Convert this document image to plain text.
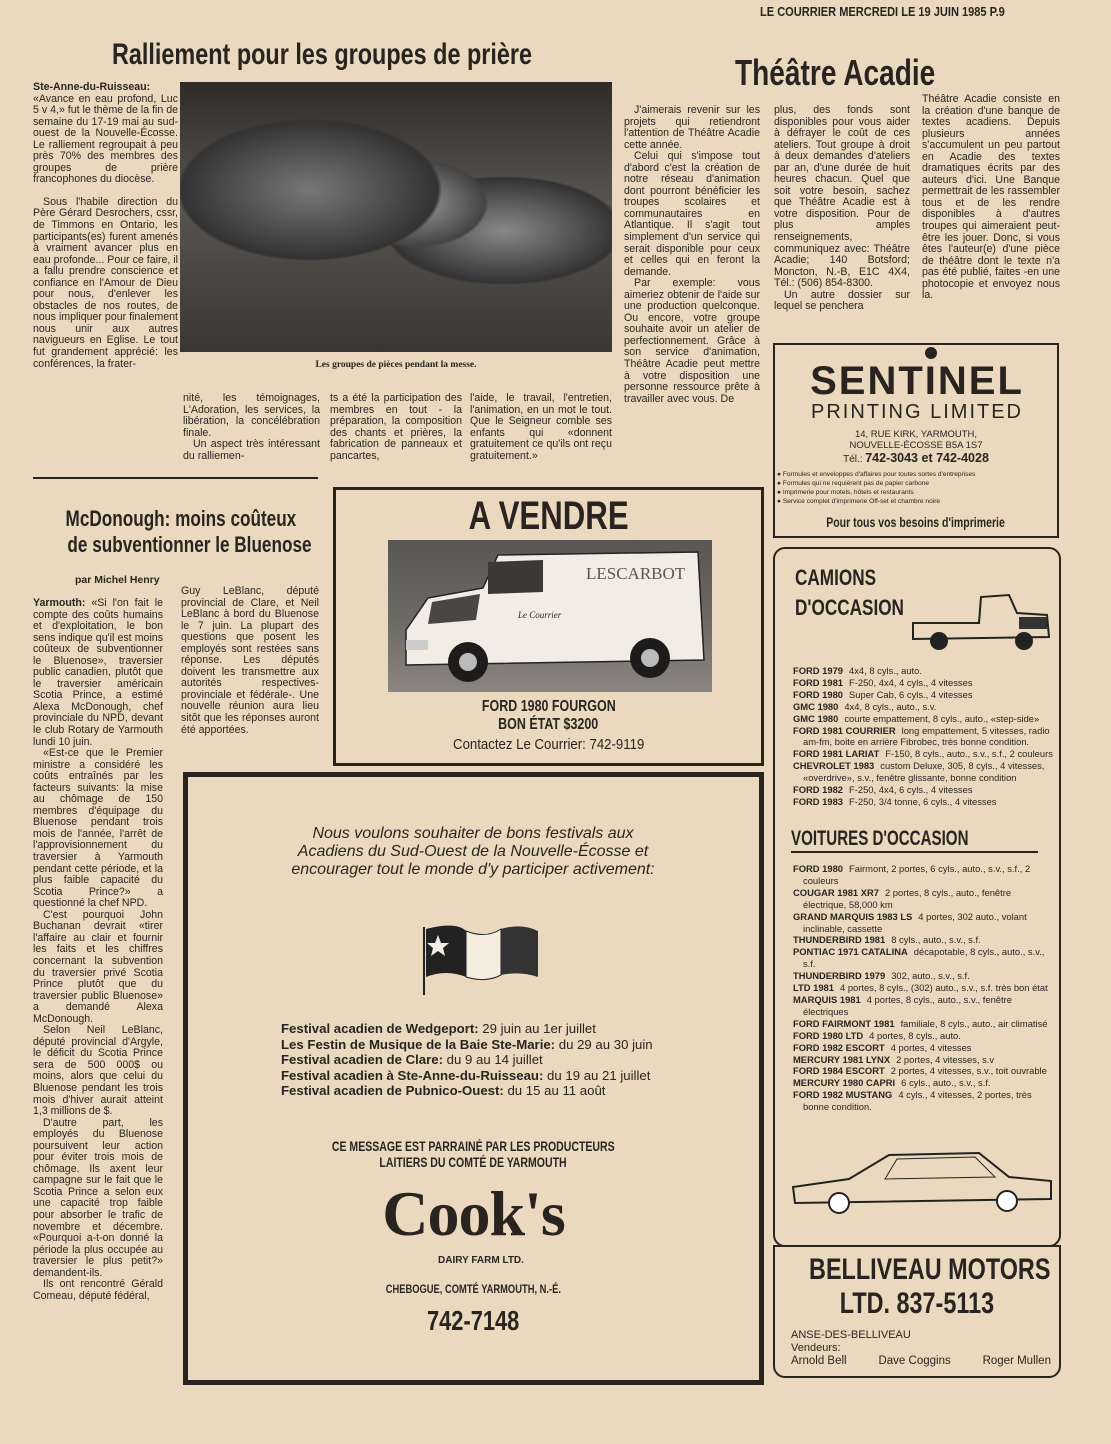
LE COURRIER MERCREDI LE 19 JUIN 1985 P.9
Ralliement pour les groupes de prière

Ste-Anne-du-Ruisseau:
«Avance en eau profond, Luc 5 v 4,» fut le thème de la fin de semaine du 17-19 mai au sud-ouest de la Nouvelle-Écosse. Le ralliement regroupait à peu près 70% des membres des groupes de prière francophones du diocèse.

Sous l'habile direction du Père Gérard Desrochers, cssr, de Timmons en Ontario, les participants(es) furent amenés à vraiment avancer plus en eau profonde... Pour ce faire, il a fallu prendre conscience et confiance en l'Amour de Dieu pour nous, d'enlever les obstacles de nos routes, de nous impliquer pour finalement nous unir aux autres navigueurs en Eglise. Le tout fut grandement apprécié: les conférences, la frater-	Les groupes de pièces pendant la messe.

nité, les témoignages, L'Adoration, les services, la libération, la concélébration finale.

Un aspect très intéressant du ralliemen-

ts a été la participation des membres en tout - la préparation, la composition des chants et prières, la fabrication de panneaux et pancartes,

l'aide, le travail, l'entretien, l'animation, en un mot le tout. Que le Seigneur comble ses enfants qui «donnent gratuitement ce qu'ils ont reçu gratuitement.»

Théâtre Acadie

J'aimerais revenir sur les projets qui retiendront l'attention de Théâtre Acadie cette année.

Celui qui s'impose tout d'abord c'est la création de notre réseau d'animation dont pourront bénéficier les troupes scolaires et communautaires en Atlantique. Il s'agit tout simplement d'un service qui serait disponible pour ceux et celles qui en feront la demande.

Par exemple: vous aimeriez obtenir de l'aide sur une production quelconque. Ou encore, votre groupe souhaite avoir un atelier de perfectionnement. Grâce à son service d'animation, Théâtre Acadie peut mettre à votre disposition une personne ressource prête à travailler avec vous. De

plus, des fonds sont disponibles pour vous aider à défrayer le coût de ces ateliers. Tout groupe à droit à deux demandes d'ateliers par an, d'une durée de huit heures chacun. Quel que soit votre besoin, sachez que Théâtre Acadie est à votre disposition. Pour de plus amples renseignements, communiquez avec: Théâtre Acadie; 140 Botsford; Moncton, N.-B, E1C 4X4, Tél.: (506) 854-8300.

Un autre dossier sur lequel se penchera

Théâtre Acadie consiste en la création d'une banque de textes acadiens. Depuis plusieurs années s'accumulent un peu partout en Acadie des textes dramatiques écrits par des auteurs d'ici. Une Banque permettrait de les rassembler tous et de les rendre disponibles à d'autres troupes qui aimeraient peut-être les jouer. Donc, si vous êtes l'auteur(e) d'une pièce de théâtre dont le texte n'a pas été publié, faites -en une photocopie et envoyez nous la.

SENTINEL
PRINTING LIMITED
14, RUE KIRK, YARMOUTH,
NOUVELLE-ÉCOSSE B5A 1S7
Tél.: 742-3043 et 742-4028
● Formules et enveloppes d'affaires pour toutes sortes d'entreprises
● Formules qui ne requièrent pas de papier carbone
● Imprimerie pour motels, hôtels et restaurants
● Service complet d'imprimerie Off-set et chambre noire
Pour tous vos besoins d'imprimerie
McDonough: moins coûteux
de subventionner le Bluenose
par Michel Henry

Yarmouth: «Si l'on fait le compte des coûts humains et d'exploitation, le bon sens indique qu'il est moins coûteux de subventionner le Bluenose», traversier public canadien, plutôt que le traversier américain Scotia Prince, a estimé Alexa McDonough, chef provinciale du NPD, devant le club Rotary de Yarmouth lundi 10 juin.

«Est-ce que le Premier ministre a considéré les coûts entraînés par les facteurs suivants: la mise au chômage de 150 membres d'équipage du Bluenose pendant trois mois de l'année, l'arrêt de l'approvisionnement du traversier à Yarmouth pendant cette période, et la plus faible capacité du Scotia Prince?» a questionné la chef NPD.

C'est pourquoi John Buchanan devrait «tirer l'affaire au clair et fournir les faits et les chiffres concernant la subvention du traversier privé Scotia Prince plutôt que du traversier public Bluenose» a demandé Alexa McDonough.

Selon Neil LeBlanc, député provincial d'Argyle, le déficit du Scotia Prince sera de 500 000$ ou moins, alors que celui du Bluenose pendant les trois mois d'hiver aurait atteint 1,3 millions de $.

D'autre part, les employés du Bluenose poursuivent leur action pour éviter trois mois de chômage. Ils axent leur campagne sur le fait que le Scotia Prince a selon eux une capacité trop faible pour absorber le trafic de novembre et décembre. «Pourquoi a-t-on donné la période la plus occupée au traversier le plus petit?» demandent-ils.

Ils ont rencontré Gérald Comeau, député fédéral,

Guy LeBlanc, député provincial de Clare, et Neil LeBlanc à bord du Bluenose le 7 juin. La plupart des questions que posent les employés sont restées sans réponse. Les députés doivent les transmettre aux autorités respectives- provinciale et fédérale-. Une nouvelle réunion aura lieu sitôt que les réponses auront été apportées.

A VENDRE
LESCARBOT
Le Courrier
FORD 1980 FOURGON
BON ÉTAT $3200
Contactez Le Courrier: 742-9119
Nous voulons souhaiter de bons festivals aux Acadiens du Sud-Ouest de la Nouvelle-Écosse et encourager tout le monde d'y participer activement:
Festival acadien de Wedgeport: 29 juin au 1er juillet
Les Festin de Musique de la Baie Ste-Marie: du 29 au 30 juin
Festival acadien de Clare: du 9 au 14 juillet
Festival acadien à Ste-Anne-du-Ruisseau: du 19 au 21 juillet
Festival acadien de Pubnico-Ouest: du 15 au 11 août
CE MESSAGE EST PARRAINÉ PAR LES PRODUCTEURS
LAITIERS DU COMTÉ DE YARMOUTH
Cook's
DAIRY FARM LTD.
CHEBOGUE, COMTÉ YARMOUTH, N.-É.
742-7148
CAMIONS
D'OCCASION

FORD 1979 4x4, 8 cyls., auto.

FORD 1981 F-250, 4x4, 4 cyls., 4 vitesses

FORD 1980 Super Cab, 6 cyls., 4 vitesses

GMC 1980 4x4, 8 cyls., auto., s.v.

GMC 1980 courte empattement, 8 cyls., auto., «step-side»

FORD 1981 COURRIER long empattement, 5 vitesses, radio am-fm, boite en arrière Fibrobec, très bonne condition.

FORD 1981 LARIAT F-150, 8 cyls., auto., s.v., s.f., 2 couleurs

CHEVROLET 1983 custom Deluxe, 305, 8 cyls., 4 vitesses, «overdrive», s.v., fenêtre glissante, bonne condition

FORD 1982 F-250, 4x4, 6 cyls., 4 vitesses

FORD 1983 F-250, 3/4 tonne, 6 cyls., 4 vitesses

VOITURES D'OCCASION

FORD 1980 Fairmont, 2 portes, 6 cyls., auto., s.v., s.f., 2 couleurs

COUGAR 1981 XR7 2 portes, 8 cyls., auto., fenêtre électrique, 58,000 km

GRAND MARQUIS 1983 LS 4 portes, 302 auto., volant inclinable, cassette

THUNDERBIRD 1981 8 cyls., auto., s.v., s.f.

PONTIAC 1971 CATALINA décapotable, 8 cyls., auto., s.v., s.f.

THUNDERBIRD 1979 302, auto., s.v., s.f.

LTD 1981 4 portes, 8 cyls., (302) auto., s.v., s.f. très bon état

MARQUIS 1981 4 portes, 8 cyls., auto., s.v., fenêtre électriques

FORD FAIRMONT 1981 familiale, 8 cyls., auto., air climatisé

FORD 1980 LTD 4 portes, 8 cyls., auto.

FORD 1982 ESCORT 4 portes, 4 vitesses

MERCURY 1981 LYNX 2 portes, 4 vitesses, s.v

FORD 1984 ESCORT 2 portes, 4 vitesses, s.v., toit ouvrable

MERCURY 1980 CAPRI 6 cyls., auto., s.v., s.f.

FORD 1982 MUSTANG 4 cyls., 4 vitesses, 2 portes, très bonne condition.

BELLIVEAU MOTORS
LTD. 837-5113
ANSE-DES-BELLIVEAU
Vendeurs:
Arnold Bell	Dave Coggins	Roger Mullen
